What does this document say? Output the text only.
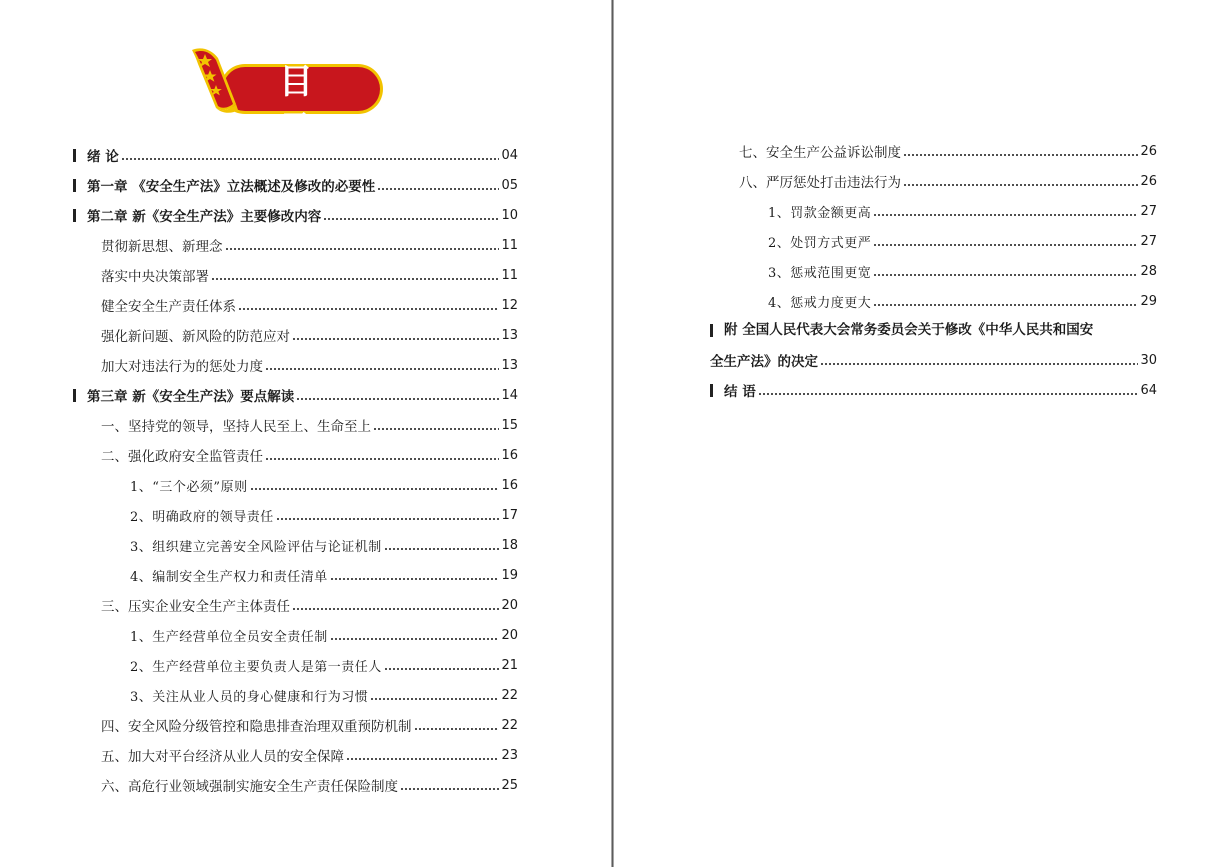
目 录
绪 论	04
第一章 《安全生产法》立法概述及修改的必要性	05
第二章 新《安全生产法》主要修改内容	10
贯彻新思想、新理念	11
落实中央决策部署	11
健全安全生产责任体系	12
强化新问题、新风险的防范应对	13
加大对违法行为的惩处力度	13
第三章 新《安全生产法》要点解读	14
一、坚持党的领导，坚持人民至上、生命至上	15
二、强化政府安全监管责任	16
1、“三个必须”原则	16
2、明确政府的领导责任	17
3、组织建立完善安全风险评估与论证机制	18
4、编制安全生产权力和责任清单	19
三、压实企业安全生产主体责任	20
1、生产经营单位全员安全责任制	20
2、生产经营单位主要负责人是第一责任人	21
3、关注从业人员的身心健康和行为习惯	22
四、安全风险分级管控和隐患排查治理双重预防机制	22
五、加大对平台经济从业人员的安全保障	23
六、高危行业领域强制实施安全生产责任保险制度	25
七、安全生产公益诉讼制度	26
八、严厉惩处打击违法行为	26
1、罚款金额更高	27
2、处罚方式更严	27
3、惩戒范围更宽	28
4、惩戒力度更大	29
附 全国人民代表大会常务委员会关于修改《中华人民共和国安
全生产法》的决定	30
结 语	64
